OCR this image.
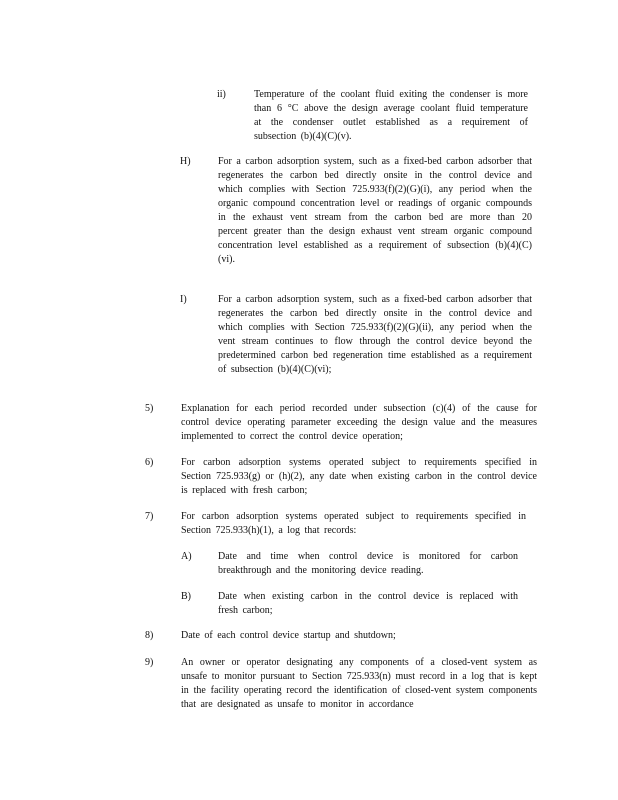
ii)	Temperature of the coolant fluid exiting the condenser is more than 6 °C above the design average coolant fluid temperature at the condenser outlet established as a requirement of subsection (b)(4)(C)(v).
H)	For a carbon adsorption system, such as a fixed-bed carbon adsorber that regenerates the carbon bed directly onsite in the control device and which complies with Section 725.933(f)(2)(G)(i), any period when the organic compound concentration level or readings of organic compounds in the exhaust vent stream from the carbon bed are more than 20 percent greater than the design exhaust vent stream organic compound concentration level established as a requirement of subsection (b)(4)(C)(vi).
I)	For a carbon adsorption system, such as a fixed-bed carbon adsorber that regenerates the carbon bed directly onsite in the control device and which complies with Section 725.933(f)(2)(G)(ii), any period when the vent stream continues to flow through the control device beyond the predetermined carbon bed regeneration time established as a requirement of subsection (b)(4)(C)(vi);
5)	Explanation for each period recorded under subsection (c)(4) of the cause for control device operating parameter exceeding the design value and the measures implemented to correct the control device operation;
6)	For carbon adsorption systems operated subject to requirements specified in Section 725.933(g) or (h)(2), any date when existing carbon in the control device is replaced with fresh carbon;
7)	For carbon adsorption systems operated subject to requirements specified in Section 725.933(h)(1), a log that records:
A)	Date and time when control device is monitored for carbon breakthrough and the monitoring device reading.
B)	Date when existing carbon in the control device is replaced with fresh carbon;
8)	Date of each control device startup and shutdown;
9)	An owner or operator designating any components of a closed-vent system as unsafe to monitor pursuant to Section 725.933(n) must record in a log that is kept in the facility operating record the identification of closed-vent system components that are designated as unsafe to monitor in accordance
